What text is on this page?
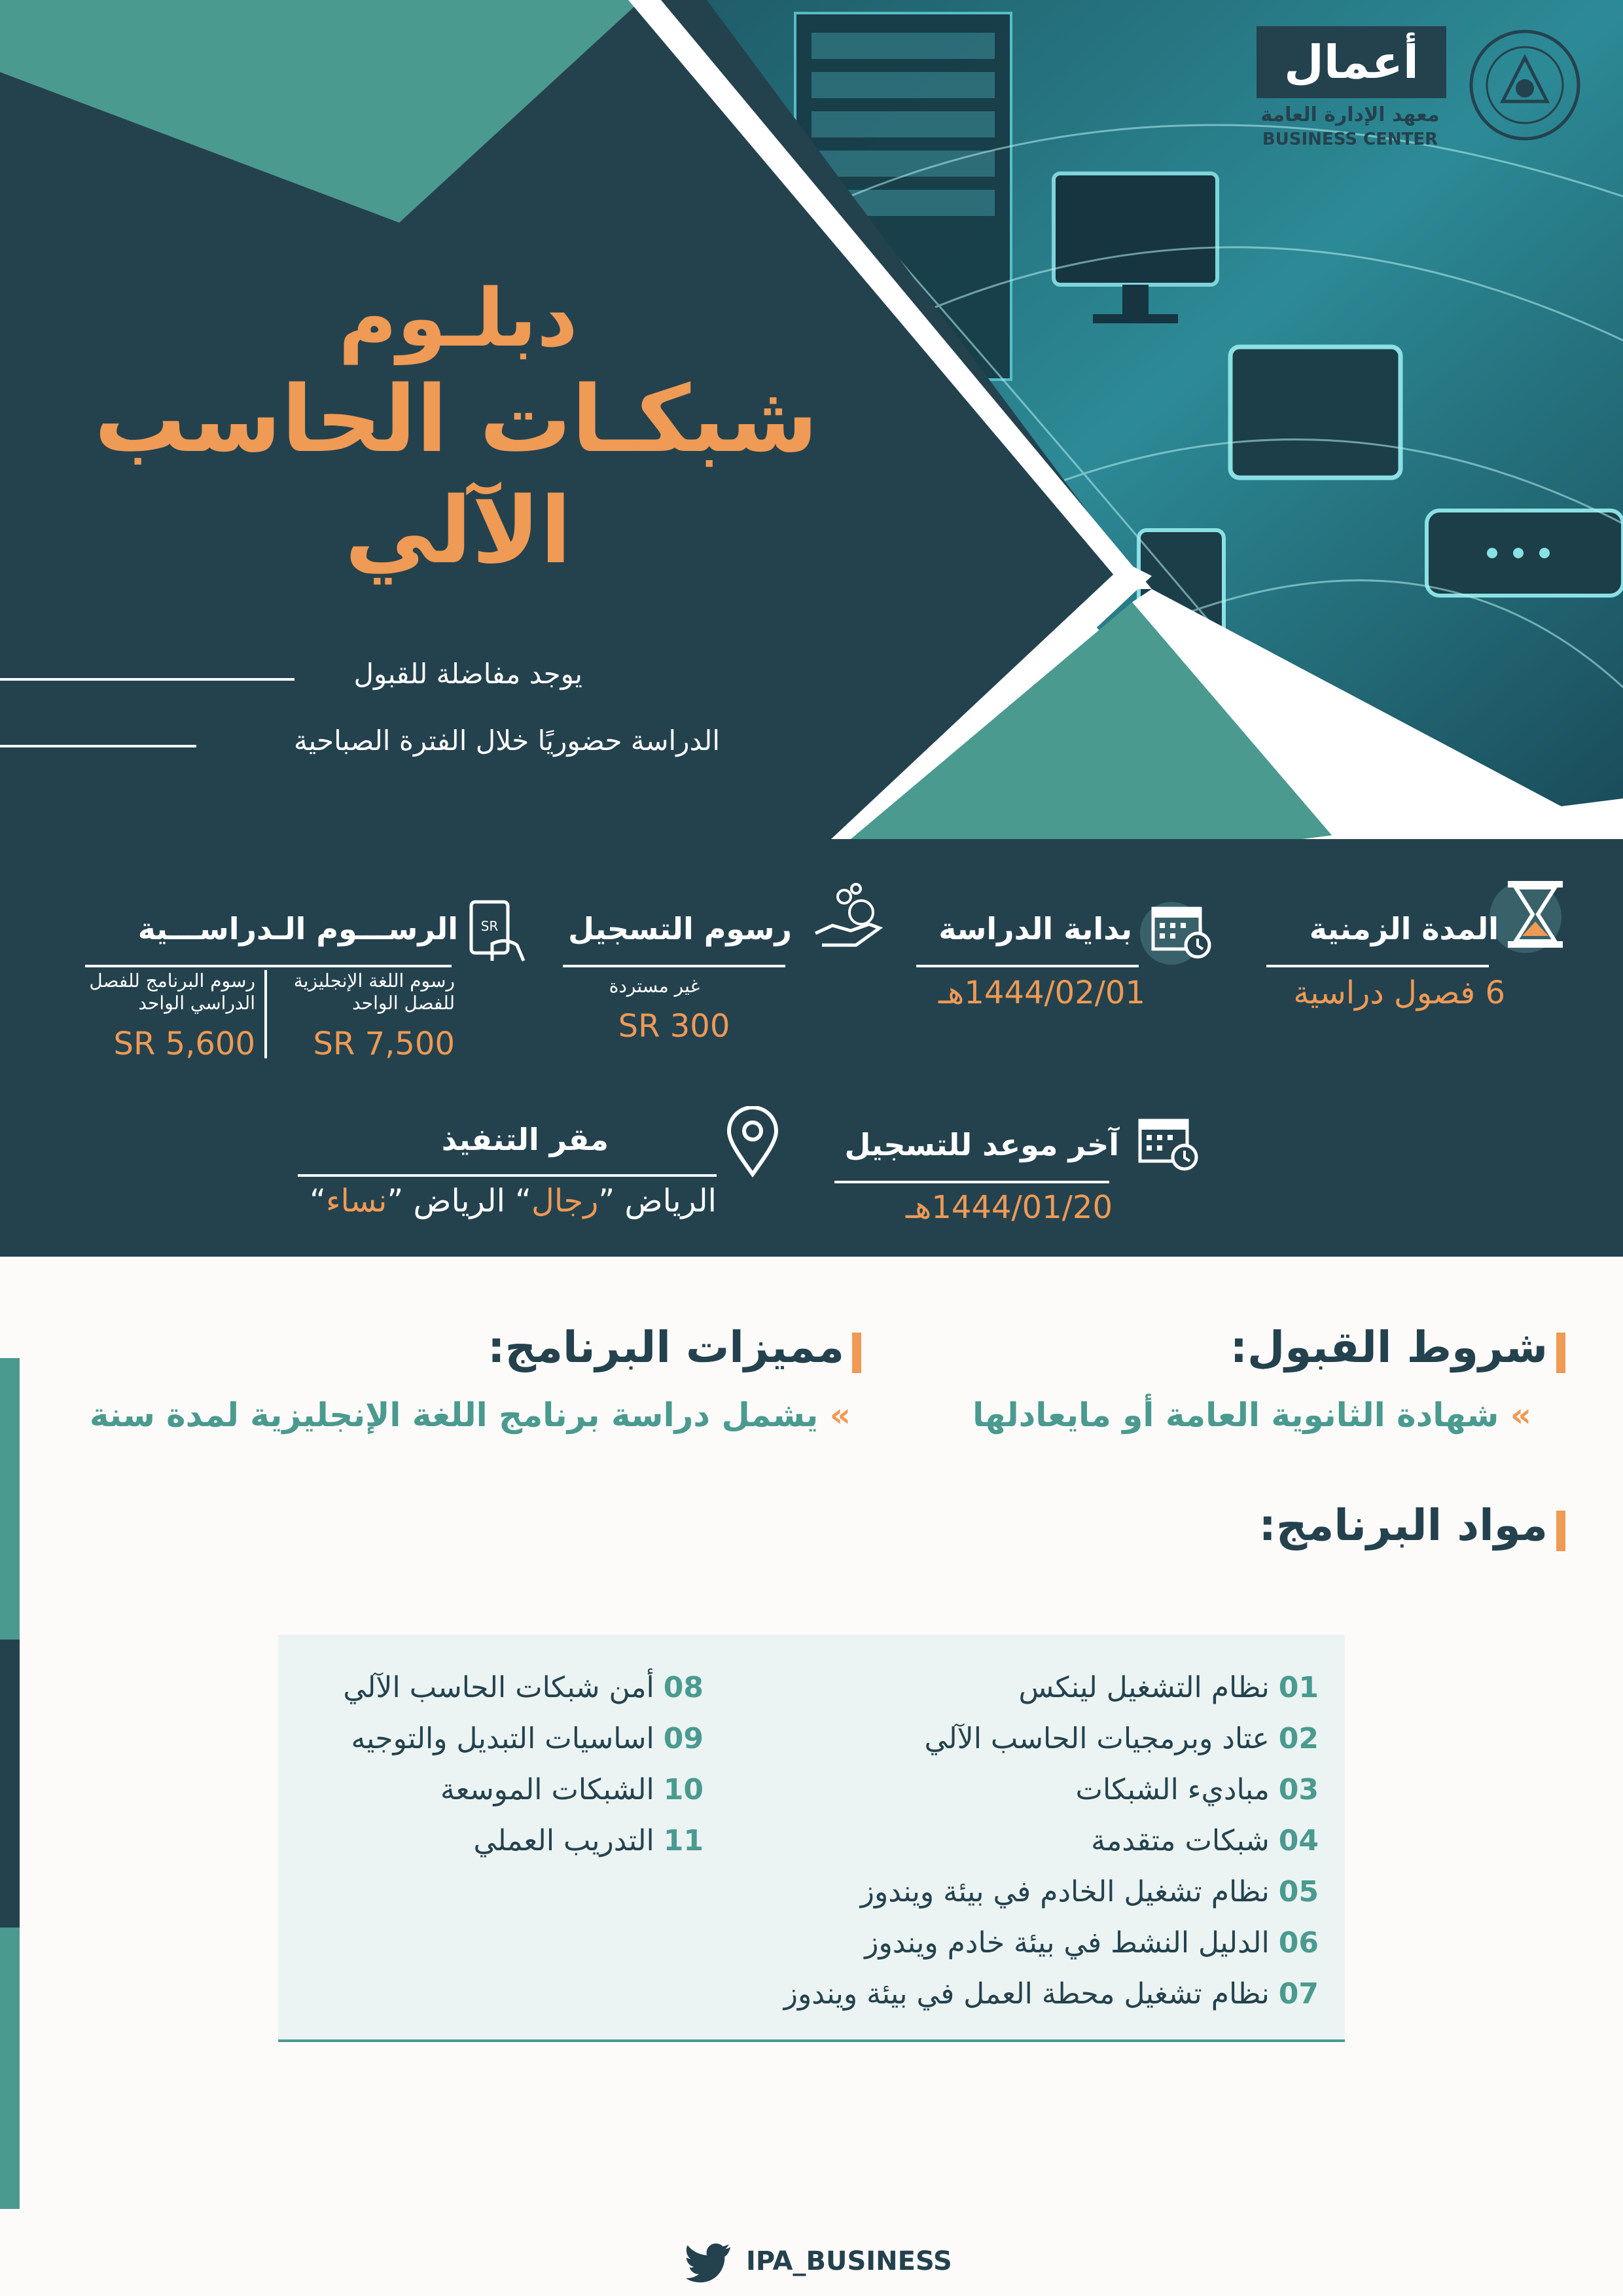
أعمال
معهد الإدارة العامة
BUSINESS CENTER
دبلـوم
شبكـات الحاسب
الآلي
يوجد مفاضلة للقبول
الدراسة حضوريًا خلال الفترة الصباحية
المدة الزمنية
6 فصول دراسية
بداية الدراسة
1444/02/01هـ
رسوم التسجيل
غير مستردة
300 SR
SR
الرســـوم الـدراســـية
رسوم اللغة الإنجليزية
للفصل الواحد
7,500 SR
رسوم البرنامج للفصل
الدراسي الواحد
5,600 SR
آخر موعد للتسجيل
1444/01/20هـ
مقر التنفيذ
الرياض ”رجال“ الرياض ”نساء“
شروط القبول:
» شهادة الثانوية العامة أو مايعادلها
مميزات البرنامج:
» يشمل دراسة برنامج اللغة الإنجليزية لمدة سنة
مواد البرنامج:
01 نظام التشغيل لينكس
02 عتاد وبرمجيات الحاسب الآلي
03 مباديء الشبكات
04 شبكات متقدمة
05 نظام تشغيل الخادم في بيئة ويندوز
06 الدليل النشط في بيئة خادم ويندوز
07 نظام تشغيل محطة العمل في بيئة ويندوز
08 أمن شبكات الحاسب الآلي
09 اساسيات التبديل والتوجيه
10 الشبكات الموسعة
11 التدريب العملي
IPA_BUSINESS
